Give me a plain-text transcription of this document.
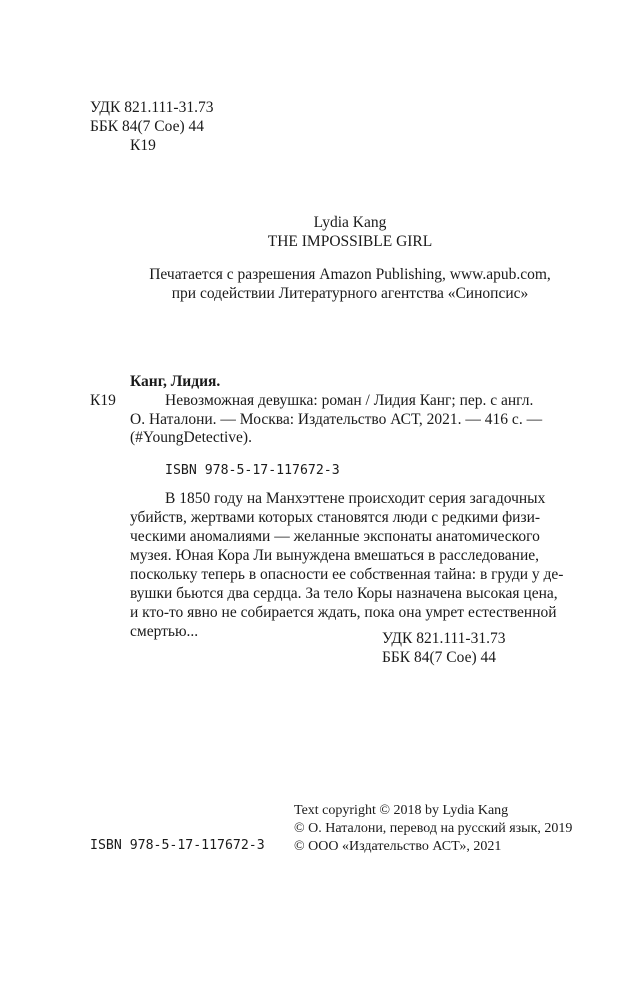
УДК 821.111-31.73
ББК 84(7 Сое) 44
К19
Lydia Kang
THE IMPOSSIBLE GIRL
Печатается с разрешения Amazon Publishing, www.apub.com,
при содействии Литературного агентства «Синопсис»
Канг, Лидия.
К19	Невозможная девушка: роман / Лидия Канг; пер. с англ.
О. Наталони. — Москва: Издательство АСТ, 2021. — 416 с. —
(#YoungDetective).
ISBN 978-5-17-117672-3
В 1850 году на Манхэттене происходит серия загадочных
убийств, жертвами которых становятся люди с редкими физи-
ческими аномалиями — желанные экспонаты анатомического
музея. Юная Кора Ли вынуждена вмешаться в расследование,
поскольку теперь в опасности ее собственная тайна: в груди у де-
вушки бьются два сердца. За тело Коры назначена высокая цена,
и кто-то явно не собирается ждать, пока она умрет естественной
смертью...	УДК 821.111-31.73
ББК 84(7 Сое) 44
ISBN 978-5-17-117672-3
Text copyright © 2018 by Lydia Kang
© О. Наталони, перевод на русский язык, 2019
© ООО «Издательство АСТ», 2021
